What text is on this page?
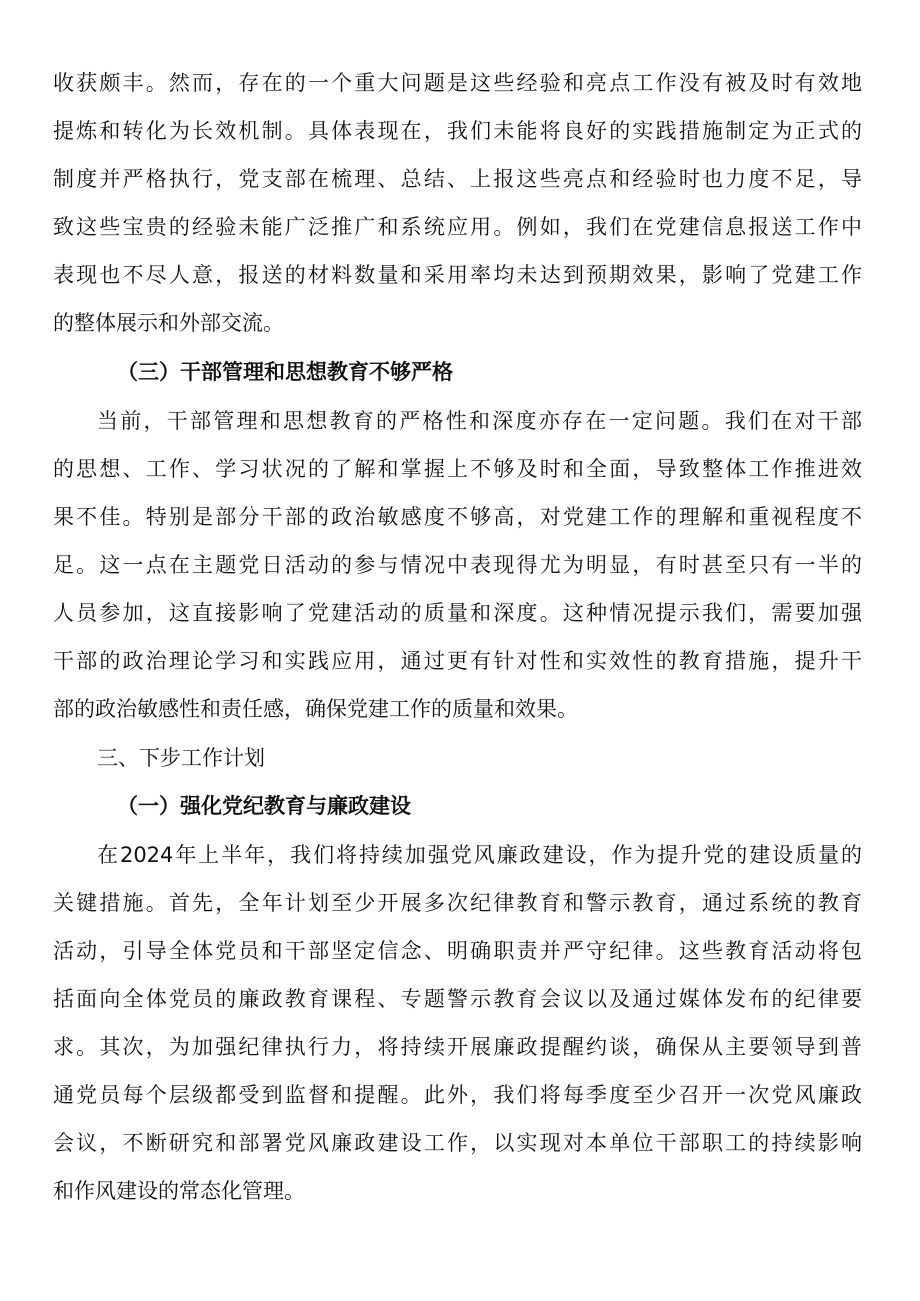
收获颇丰。然而，存在的一个重大问题是这些经验和亮点工作没有被及时有效地
提炼和转化为长效机制。具体表现在，我们未能将良好的实践措施制定为正式的
制度并严格执行，党支部在梳理、总结、上报这些亮点和经验时也力度不足，导
致这些宝贵的经验未能广泛推广和系统应用。例如，我们在党建信息报送工作中
表现也不尽人意，报送的材料数量和采用率均未达到预期效果，影响了党建工作
的整体展示和外部交流。
（三）干部管理和思想教育不够严格
当前，干部管理和思想教育的严格性和深度亦存在一定问题。我们在对干部
的思想、工作、学习状况的了解和掌握上不够及时和全面，导致整体工作推进效
果不佳。特别是部分干部的政治敏感度不够高，对党建工作的理解和重视程度不
足。这一点在主题党日活动的参与情况中表现得尤为明显，有时甚至只有一半的
人员参加，这直接影响了党建活动的质量和深度。这种情况提示我们，需要加强
干部的政治理论学习和实践应用，通过更有针对性和实效性的教育措施，提升干
部的政治敏感性和责任感，确保党建工作的质量和效果。
三、下步工作计划
（一）强化党纪教育与廉政建设
在2024年上半年，我们将持续加强党风廉政建设，作为提升党的建设质量的
关键措施。首先，全年计划至少开展多次纪律教育和警示教育，通过系统的教育
活动，引导全体党员和干部坚定信念、明确职责并严守纪律。这些教育活动将包
括面向全体党员的廉政教育课程、专题警示教育会议以及通过媒体发布的纪律要
求。其次，为加强纪律执行力，将持续开展廉政提醒约谈，确保从主要领导到普
通党员每个层级都受到监督和提醒。此外，我们将每季度至少召开一次党风廉政
会议，不断研究和部署党风廉政建设工作，以实现对本单位干部职工的持续影响
和作风建设的常态化管理。
